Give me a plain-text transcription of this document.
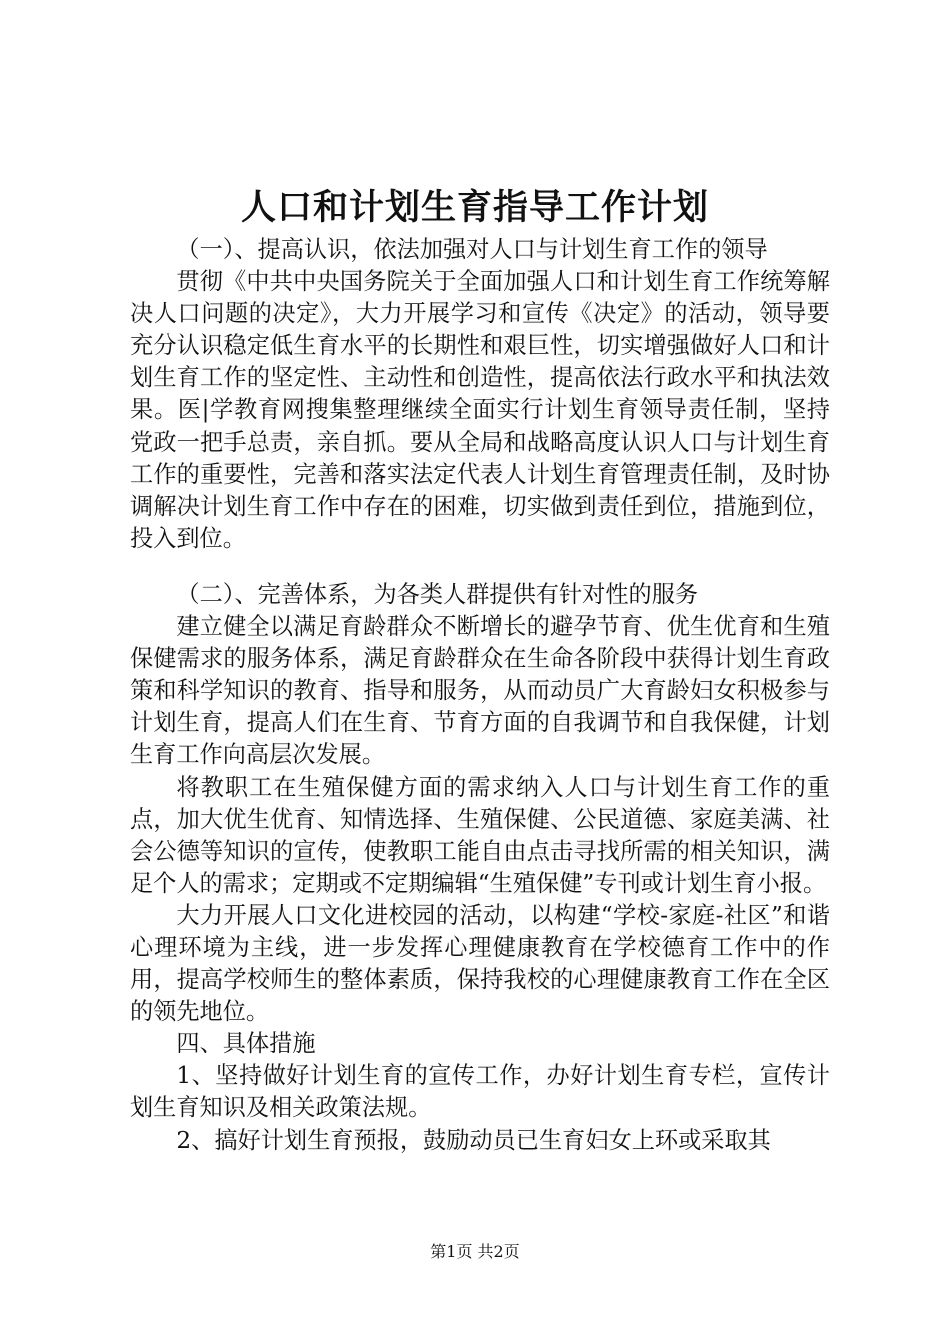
人口和计划生育指导工作计划

（一）、提高认识，依法加强对人口与计划生育工作的领导

贯彻《中共中央国务院关于全面加强人口和计划生育工作统筹解决人口问题的决定》，大力开展学习和宣传《决定》的活动，领导要充分认识稳定低生育水平的长期性和艰巨性，切实增强做好人口和计划生育工作的坚定性、主动性和创造性，提高依法行政水平和执法效果。医|学教育网搜集整理继续全面实行计划生育领导责任制，坚持党政一把手总责，亲自抓。要从全局和战略高度认识人口与计划生育工作的重要性，完善和落实法定代表人计划生育管理责任制，及时协调解决计划生育工作中存在的困难，切实做到责任到位，措施到位，投入到位。

（二）、完善体系，为各类人群提供有针对性的服务

建立健全以满足育龄群众不断增长的避孕节育、优生优育和生殖保健需求的服务体系，满足育龄群众在生命各阶段中获得计划生育政策和科学知识的教育、指导和服务，从而动员广大育龄妇女积极参与计划生育，提高人们在生育、节育方面的自我调节和自我保健，计划生育工作向高层次发展。

将教职工在生殖保健方面的需求纳入人口与计划生育工作的重点，加大优生优育、知情选择、生殖保健、公民道德、家庭美满、社会公德等知识的宣传，使教职工能自由点击寻找所需的相关知识，满足个人的需求；定期或不定期编辑“生殖保健”专刊或计划生育小报。

大力开展人口文化进校园的活动，以构建“学校-家庭-社区”和谐心理环境为主线，进一步发挥心理健康教育在学校德育工作中的作用，提高学校师生的整体素质，保持我校的心理健康教育工作在全区的领先地位。

四、具体措施

1、坚持做好计划生育的宣传工作，办好计划生育专栏，宣传计划生育知识及相关政策法规。

2、搞好计划生育预报，鼓励动员已生育妇女上环或采取其

第1页 共2页
